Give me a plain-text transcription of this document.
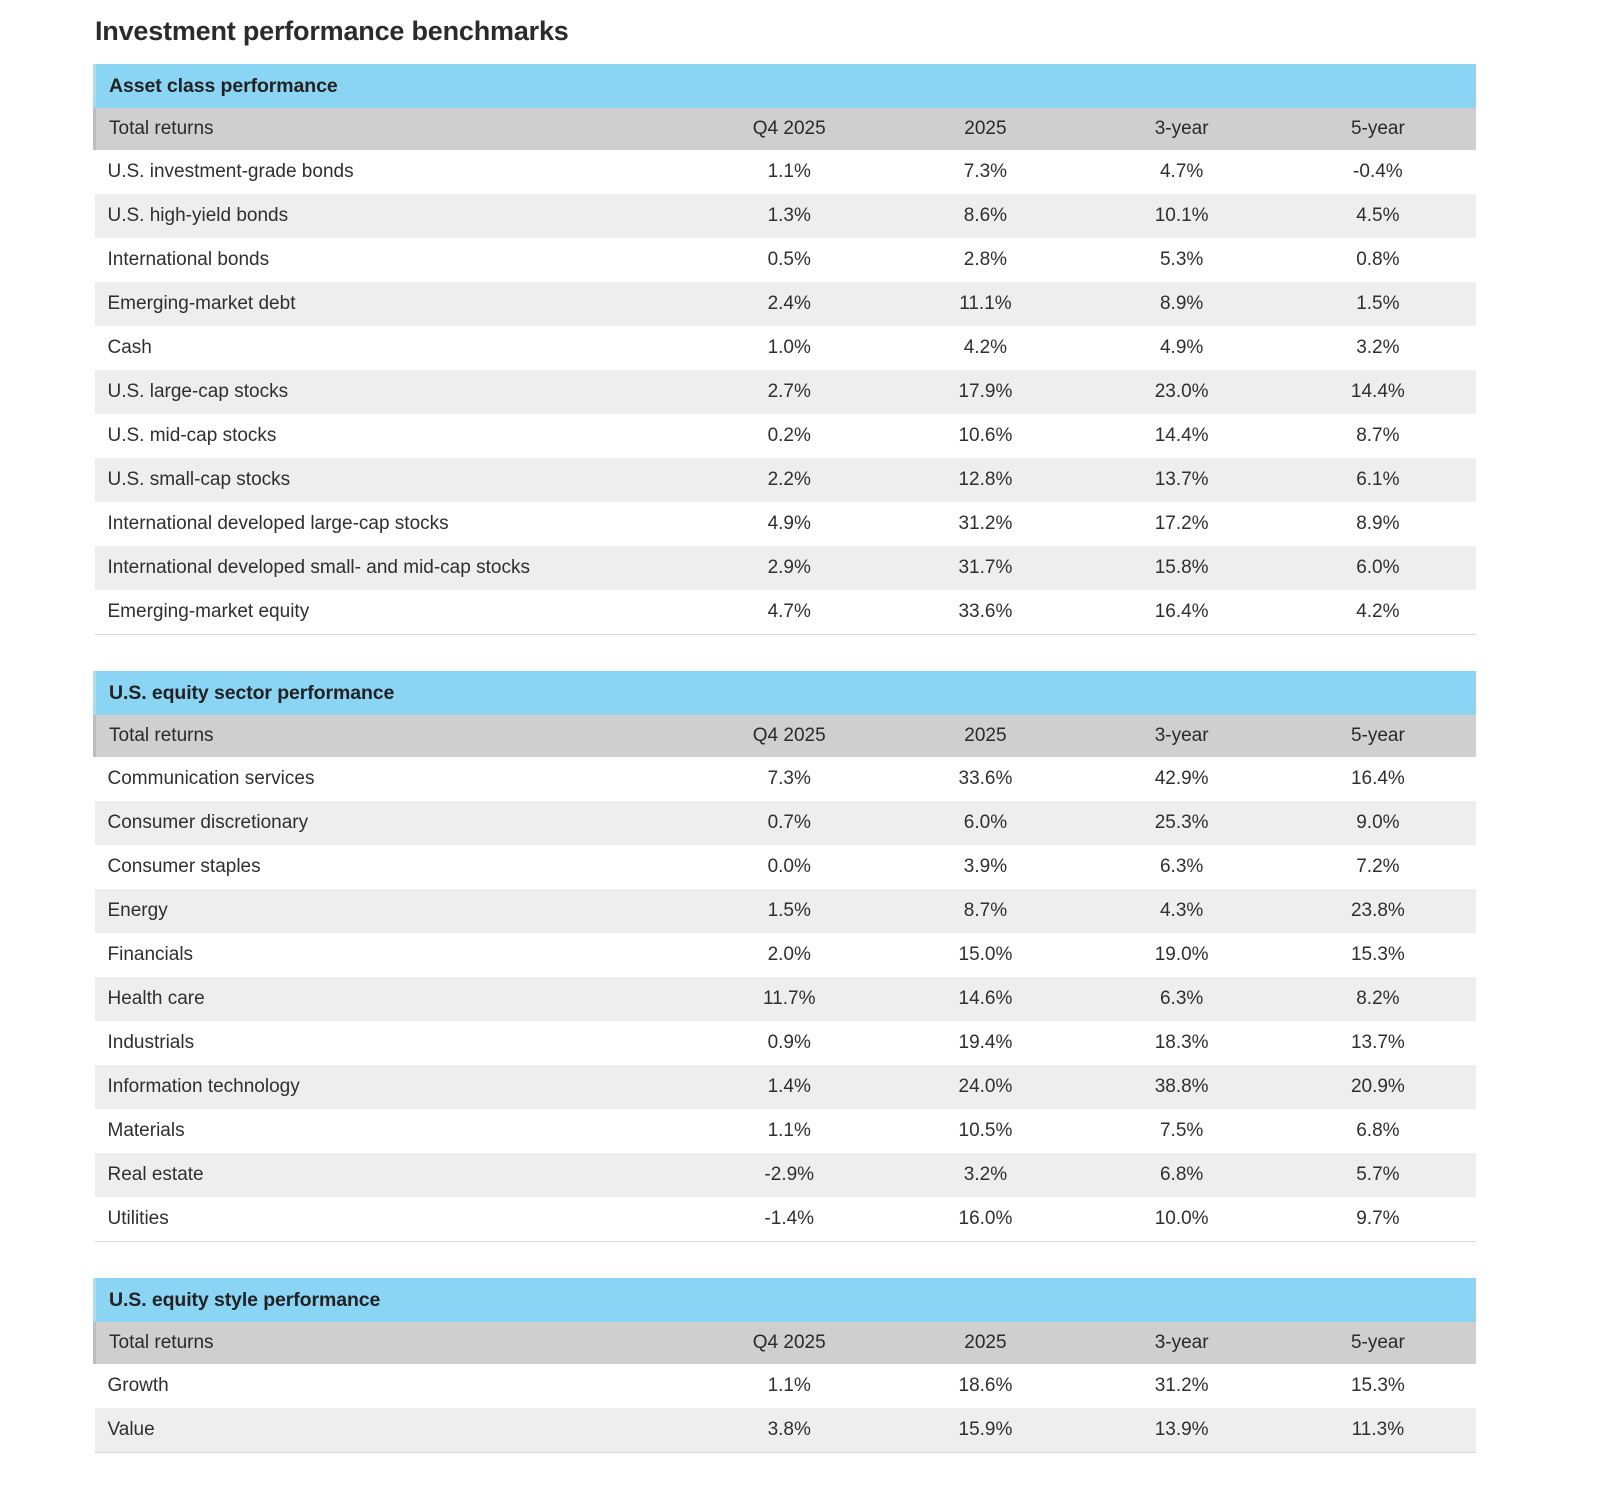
Investment performance benchmarks
Asset class performance				
Total returns	Q4 2025	2025	3-year	5-year
U.S. investment-grade bonds	1.1%	7.3%	4.7%	-0.4%
U.S. high-yield bonds	1.3%	8.6%	10.1%	4.5%
International bonds	0.5%	2.8%	5.3%	0.8%
Emerging-market debt	2.4%	11.1%	8.9%	1.5%
Cash	1.0%	4.2%	4.9%	3.2%
U.S. large-cap stocks	2.7%	17.9%	23.0%	14.4%
U.S. mid-cap stocks	0.2%	10.6%	14.4%	8.7%
U.S. small-cap stocks	2.2%	12.8%	13.7%	6.1%
International developed large-cap stocks	4.9%	31.2%	17.2%	8.9%
International developed small- and mid-cap stocks	2.9%	31.7%	15.8%	6.0%
Emerging-market equity	4.7%	33.6%	16.4%	4.2%
U.S. equity sector performance				
Total returns	Q4 2025	2025	3-year	5-year
Communication services	7.3%	33.6%	42.9%	16.4%
Consumer discretionary	0.7%	6.0%	25.3%	9.0%
Consumer staples	0.0%	3.9%	6.3%	7.2%
Energy	1.5%	8.7%	4.3%	23.8%
Financials	2.0%	15.0%	19.0%	15.3%
Health care	11.7%	14.6%	6.3%	8.2%
Industrials	0.9%	19.4%	18.3%	13.7%
Information technology	1.4%	24.0%	38.8%	20.9%
Materials	1.1%	10.5%	7.5%	6.8%
Real estate	-2.9%	3.2%	6.8%	5.7%
Utilities	-1.4%	16.0%	10.0%	9.7%
U.S. equity style performance				
Total returns	Q4 2025	2025	3-year	5-year
Growth	1.1%	18.6%	31.2%	15.3%
Value	3.8%	15.9%	13.9%	11.3%
